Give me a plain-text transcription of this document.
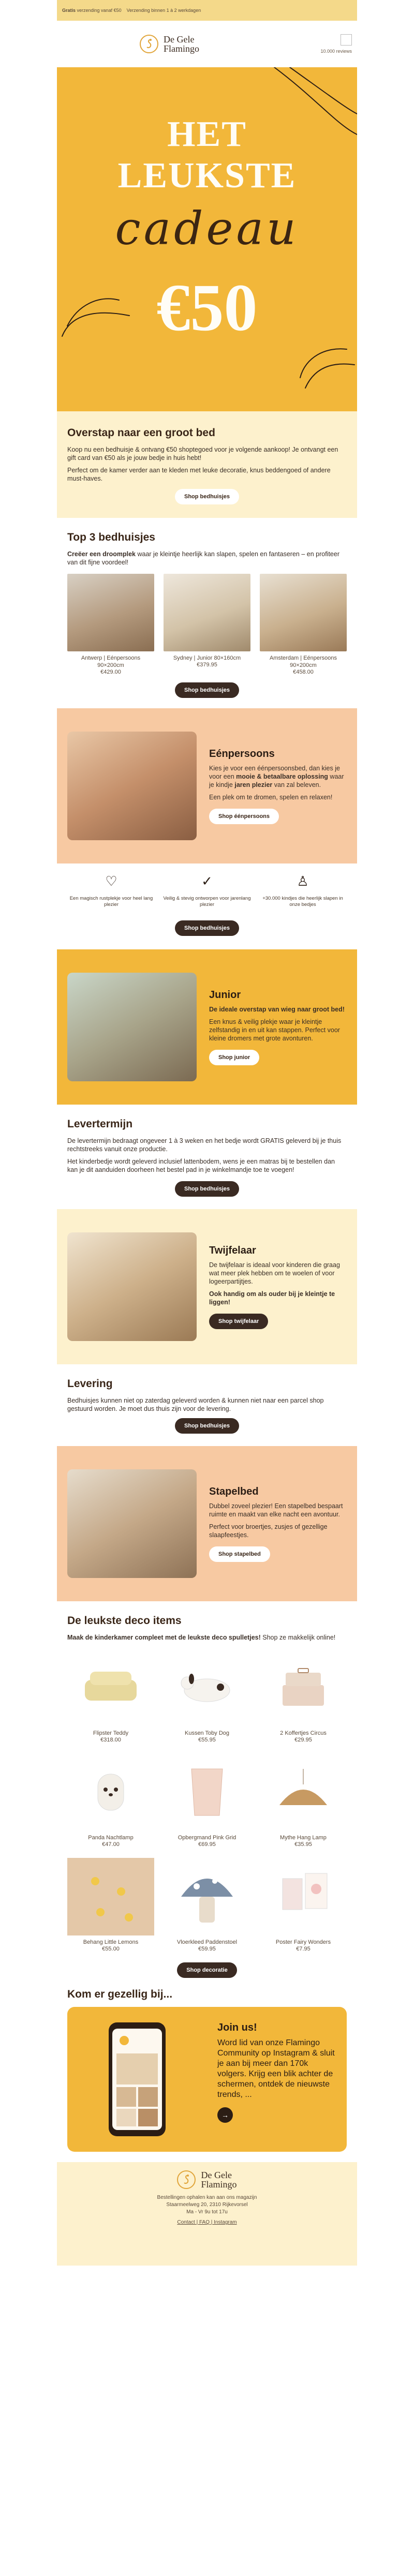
Gratis verzending vanaf €50 Verzending binnen 1 à 2 werkdagen
De Gele
Flamingo	10.000 reviews
HET
LEUKSTE
cadeau
€50
Overstap naar een groot bed
Koop nu een bedhuisje & ontvang €50 shoptegoed voor je volgende aankoop! Je ontvangt een gift card van €50 als je jouw bedje in huis hebt!
Perfect om de kamer verder aan te kleden met leuke decoratie, knus beddengoed of andere must-haves.
Shop bedhuisjes
Top 3 bedhuisjes
Creëer een droomplek waar je kleintje heerlijk kan slapen, spelen en fantaseren – en profiteer van dit fijne voordeel!
Antwerp | Eénpersoons 90×200cm
€429.00
Sydney | Junior 80×160cm
€379.95
Amsterdam | Eénpersoons 90×200cm
€458.00
Shop bedhuisjes
Eénpersoons
Kies je voor een éénpersoonsbed, dan kies je voor een mooie & betaalbare oplossing waar je kindje jaren plezier van zal beleven.
Een plek om te dromen, spelen en relaxen!
Shop éénpersoons
♡
Een magisch rustplekje voor heel lang plezier
✓
Veilig & stevig ontworpen voor jarenlang plezier
♙
+30.000 kindjes die heerlijk slapen in onze bedjes
Shop bedhuisjes
Junior
De ideale overstap van wieg naar groot bed!
Een knus & veilig plekje waar je kleintje zelfstandig in en uit kan stappen. Perfect voor kleine dromers met grote avonturen.
Shop junior
Levertermijn
De levertermijn bedraagt ongeveer 1 à 3 weken en het bedje wordt GRATIS geleverd bij je thuis rechtstreeks vanuit onze productie.
Het kinderbedje wordt geleverd inclusief lattenbodem, wens je een matras bij te bestellen dan kan je dit aanduiden doorheen het bestel pad in je winkelmandje toe te voegen!
Shop bedhuisjes
Twijfelaar
De twijfelaar is ideaal voor kinderen die graag wat meer plek hebben om te woelen of voor logeerpartijtjes.
Ook handig om als ouder bij je kleintje te liggen!
Shop twijfelaar
Levering
Bedhuisjes kunnen niet op zaterdag geleverd worden & kunnen niet naar een parcel shop gestuurd worden. Je moet dus thuis zijn voor de levering.
Shop bedhuisjes
Stapelbed
Dubbel zoveel plezier! Een stapelbed bespaart ruimte en maakt van elke nacht een avontuur.
Perfect voor broertjes, zusjes of gezellige slaapfeestjes.
Shop stapelbed
De leukste deco items
Maak de kinderkamer compleet met de leukste deco spulletjes! Shop ze makkelijk online!
Flipster Teddy
€318.00
Kussen Toby Dog
€55.95
2 Koffertjes Circus
€29.95
Panda Nachtlamp
€47.00
Opbergmand Pink Grid
€69.95
Mythe Hang Lamp
€35.95
Behang Little Lemons
€55.00
Vloerkleed Paddenstoel
€59.95
Poster Fairy Wonders
€7.95
Shop decoratie
Kom er gezellig bij...
Join us!
Word lid van onze Flamingo Community op Instagram & sluit je aan bij meer dan 170k volgers. Krijg een blik achter de schermen, ontdek de nieuwste trends, ...
→
De Gele
Flamingo
Bestellingen ophalen kan aan ons magazijn
Staarmeelweg 20, 2310 Rijkevorsel
Ma - Vr 9u tot 17u
Contact | FAQ | Instagram
